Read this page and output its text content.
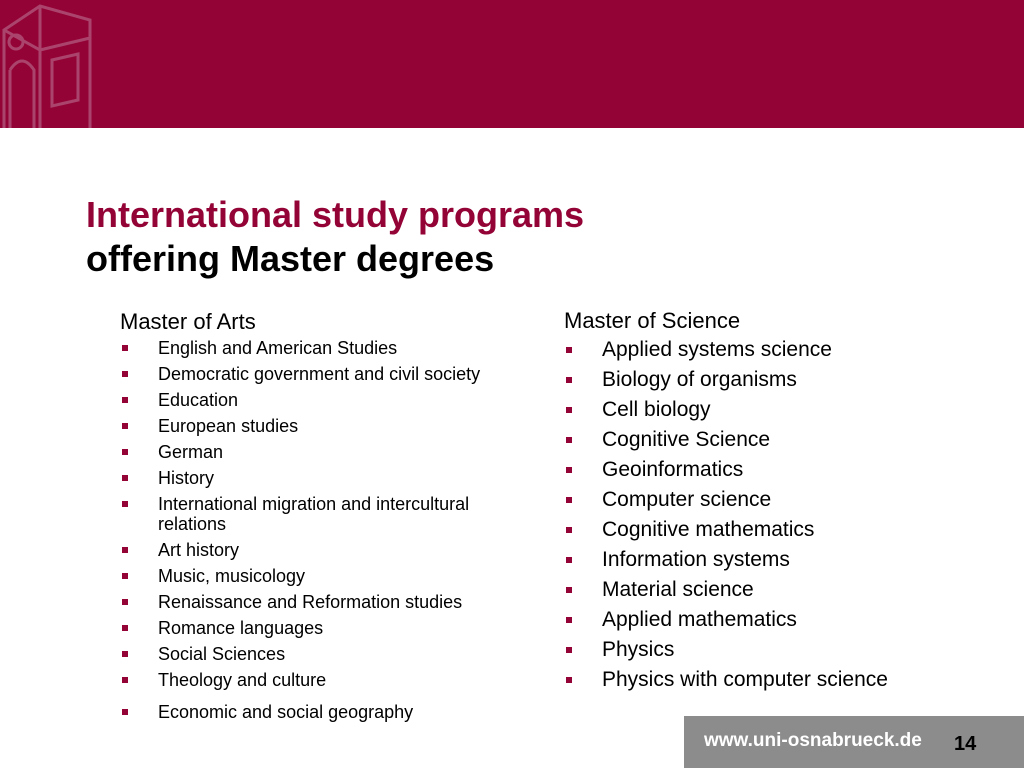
International study programs
offering Master degrees
Master of Arts
English and American Studies
Democratic government and civil society
Education
European studies
German
History
International migration and intercultural relations
Art history
Music, musicology
Renaissance and Reformation studies
Romance languages
Social Sciences
Theology and culture
Economic and social geography
Master of Science
Applied systems science
Biology of organisms
Cell biology
Cognitive Science
Geoinformatics
Computer science
Cognitive mathematics
Information systems
Material science
Applied mathematics
Physics
Physics with computer science
www.uni-osnabrueck.de 14
